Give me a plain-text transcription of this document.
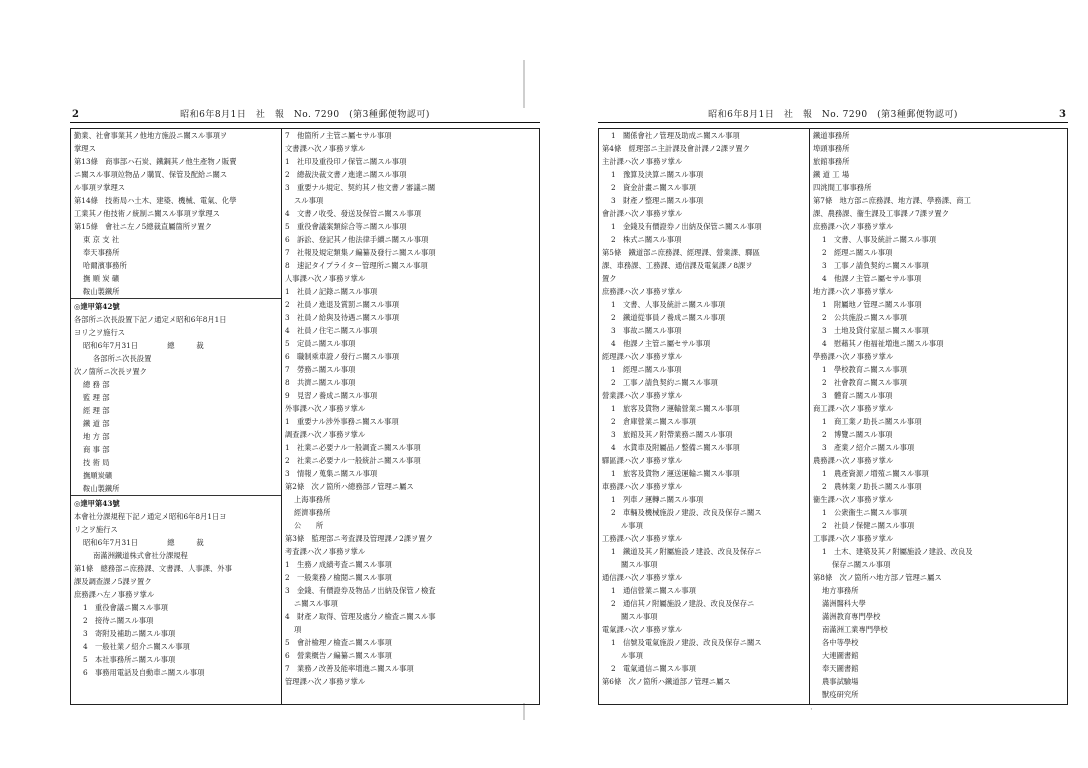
·
2	昭和6年8月1日　社　報　No. 7290　(第3種郵便物認可)
勤業、社會事業其ノ他地方施設ニ關スル事項ヲ
掌理ス
第13條　商事部ハ石炭、鐵鋼其ノ他生產物ノ販賣
ニ關スル事項竝物品ノ購買、保管及配給ニ關ス
ル事項ヲ掌理ス
第14條　技術局ハ土木、建築、機械、電氣、化學
工業其ノ他技術ノ統制ニ關スル事項ヲ掌理ス
第15條　會社ニ左ノ5總裁直屬箇所ヲ置ク
東 京 支 社
奉天事務所
哈爾濱事務所
撫 順 炭 礦
鞍山製鐵所
◎達甲第42號
各部所ニ次長設置下記ノ通定メ昭和6年8月1日
ヨリ之ヲ施行ス
昭和6年7月31日　　　　總　　　裁
各部所ニ次長設置
次ノ箇所ニ次長ヲ置ク
總 務 部
監 理 部
經 理 部
鐵 道 部
地 方 部
商 事 部
技 術 局
撫順炭礦
鞍山製鐵所
◎達甲第43號
本會社分課規程下記ノ通定メ昭和6年8月1日ヨ
リ之ヲ施行ス
昭和6年7月31日　　　　總　　　裁
南滿洲鐵道株式會社分課規程
第1條　總務部ニ庶務課、文書課、人事課、外事
課及調查課ノ5課ヲ置ク
庶務課ハ左ノ事務ヲ掌ル
1　重役會議ニ關スル事項
2　接待ニ關スル事項
3　寄附及補助ニ關スル事項
4　一般社業ノ紹介ニ關スル事項
5　本社事務所ニ關スル事項
6　事務用電話及自動車ニ關スル事項
7　他箇所ノ主管ニ屬セサル事項
文書課ハ次ノ事務ヲ掌ル
1　社印及重役印ノ保管ニ關スル事項
2　總裁決裁文書ノ進達ニ關スル事項
3　重要ナル規定、契約其ノ他文書ノ審議ニ關
スル事項
4　文書ノ收受、發送及保管ニ關スル事項
5　重役會議案類綜合等ニ關スル事項
6　訴訟、登記其ノ他法律手續ニ關スル事項
7　社報及規定類集ノ編纂及發行ニ關スル事項
8　速記タイプライター管理所ニ關スル事項
人事課ハ次ノ事務ヲ掌ル
1　社員ノ記錄ニ關スル事項
2　社員ノ進退及賞罰ニ關スル事項
3　社員ノ給與及待遇ニ關スル事項
4　社員ノ住宅ニ關スル事項
5　定員ニ關スル事項
6　職制乘車證ノ發行ニ關スル事項
7　勞務ニ關スル事項
8　共濟ニ關スル事項
9　見習ノ養成ニ關スル事項
外事課ハ次ノ事務ヲ掌ル
1　重要ナル涉外事務ニ關スル事項
調查課ハ次ノ事務ヲ掌ル
1　社業ニ必要ナル一般調査ニ關スル事項
2　社業ニ必要ナル一般統計ニ關スル事項
3　情報ノ蒐集ニ關スル事項
第2條　次ノ箇所ハ總務部ノ管理ニ屬ス
上海事務所
經濟事務所
公　　所
第3條　監理部ニ考査課及管理課ノ2課ヲ置ク
考査課ハ次ノ事務ヲ掌ル
1　生務ノ成績考査ニ關スル事項
2　一般業務ノ檢閲ニ關スル事項
3　金錢、有價證券及物品ノ出納及保管ノ檢査
ニ關スル事項
4　財產ノ取得、管理及處分ノ檢査ニ關スル事
項
5　會計檢理ノ檢査ニ關スル事項
6　營業概告ノ編纂ニ關スル事項
7　業務ノ改善及能率增進ニ關スル事項
管理課ハ次ノ事務ヲ掌ル
昭和6年8月1日　社　報　No. 7290　(第3種郵便物認可)	3
1　關係會社ノ管理及助成ニ關スル事項
第4條　經理部ニ主計課及會計課ノ2課ヲ置ク
主計課ハ次ノ事務ヲ掌ル
1　豫算及決算ニ關スル事項
2　資金計畫ニ關スル事項
3　財產ノ整理ニ關スル事項
會計課ハ次ノ事務ヲ掌ル
1　金錢及有價證券ノ出納及保管ニ關スル事項
2　株式ニ關スル事項
第5條　鐵道部ニ庶務課、經理課、營業課、驛區
課、車務課、工務課、通信課及電氣課ノ8課ヲ
置ク
庶務課ハ次ノ事務ヲ掌ル
1　文書、人事及統計ニ關スル事項
2　鐵道從事員ノ養成ニ關スル事項
3　事故ニ關スル事項
4　他課ノ主管ニ屬セサル事項
經理課ハ次ノ事務ヲ掌ル
1　經理ニ關スル事項
2　工事ノ請負契約ニ關スル事項
營業課ハ次ノ事務ヲ掌ル
1　旅客及貨物ノ運輸營業ニ關スル事項
2　倉庫營業ニ關スル事項
3　旅館及其ノ附帶業務ニ關スル事項
4　水貨車及附屬品ノ整備ニ關スル事項
驛區課ハ次ノ事務ヲ掌ル
1　旅客及貨物ノ運送運輸ニ關スル事項
車務課ハ次ノ事務ヲ掌ル
1　列車ノ運轉ニ關スル事項
2　車輛及機械施設ノ建設、改良及保存ニ關ス
ル事項
工務課ハ次ノ事務ヲ掌ル
1　鐵道及其ノ附屬施設ノ建設、改良及保存ニ
關スル事項
通信課ハ次ノ事務ヲ掌ル
1　通信營業ニ關スル事項
2　通信其ノ附屬施設ノ建設、改良及保存ニ
關スル事項
電氣課ハ次ノ事務ヲ掌ル
1　信號及電氣施設ノ建設、改良及保存ニ關ス
ル事項
2　電氣通信ニ關スル事項
第6條　次ノ箇所ハ鐵道部ノ管理ニ屬ス
鐵道事務所
埠頭事務所
旅館事務所
鐵 道 工 場
四洮間工事事務所
第7條　地方部ニ庶務課、地方課、學務課、商工
課、農務課、衞生課及工事課ノ7課ヲ置ク
庶務課ハ次ノ事務ヲ掌ル
1　文書、人事及統計ニ關スル事項
2　經理ニ關スル事項
3　工事ノ請負契約ニ關スル事項
4　他課ノ主管ニ屬セサル事項
地方課ハ次ノ事務ヲ掌ル
1　附屬地ノ管理ニ關スル事項
2　公共施設ニ關スル事項
3　土地及貸付家屋ニ關スル事項
4　慰藉其ノ他福祉増進ニ關スル事項
學務課ハ次ノ事務ヲ掌ル
1　學校教育ニ關スル事項
2　社會教育ニ關スル事項
3　體育ニ關スル事項
商工課ハ次ノ事務ヲ掌ル
1　商工業ノ助長ニ關スル事項
2　博覽ニ關スル事項
3　產業ノ紹介ニ關スル事項
農務課ハ次ノ事務ヲ掌ル
1　農產資源ノ増殖ニ關スル事項
2　農林業ノ助長ニ關スル事項
衞生課ハ次ノ事務ヲ掌ル
1　公衆衞生ニ關スル事項
2　社員ノ保健ニ關スル事項
工事課ハ次ノ事務ヲ掌ル
1　土木、建築及其ノ附屬施設ノ建設、改良及
保存ニ關スル事項
第8條　次ノ箇所ハ地方部ノ管理ニ屬ス
地方事務所
滿洲醫科大學
滿洲教育專門學校
南滿洲工業專門學校
各中等學校
大連圖書館
奉天圖書館
農事試驗場
獸疫研究所
